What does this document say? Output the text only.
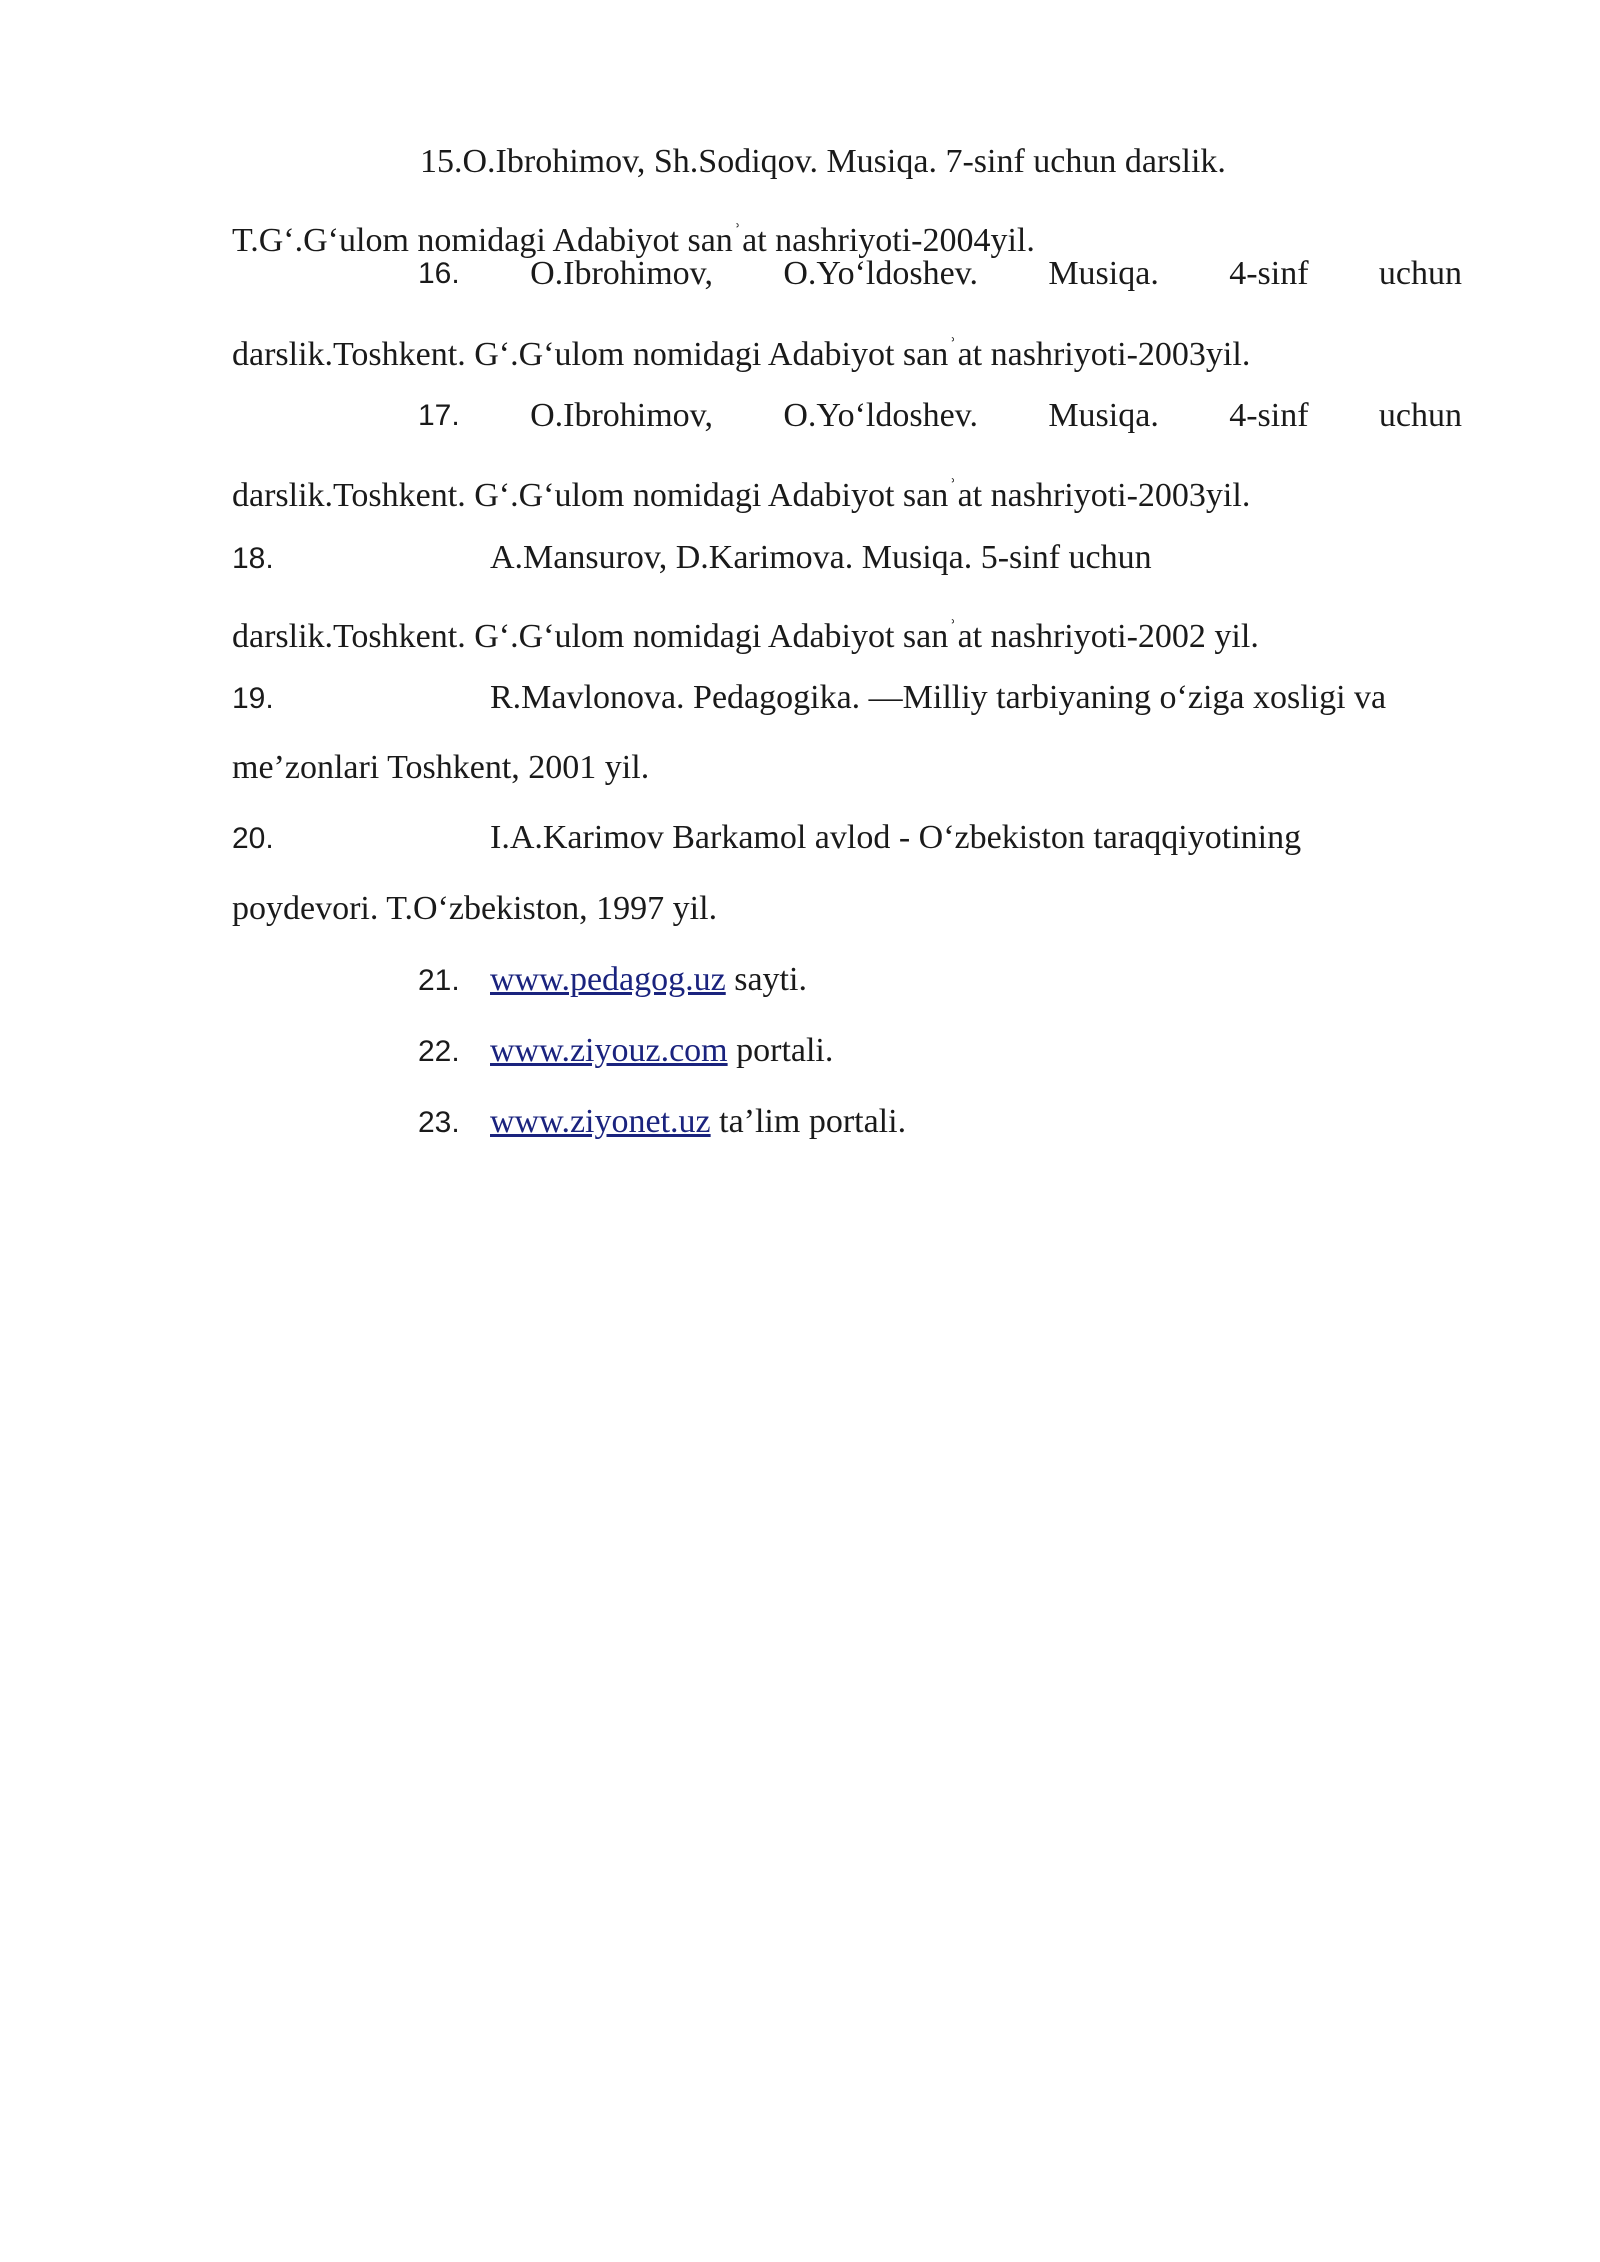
15.O.Ibrohimov, Sh.Sodiqov. Musiqa. 7-sinf uchun darslik.
T.G‘.G‘ulom nomidagi Adabiyot san$^ʾ$at nashriyoti-2004yil.
16. O.Ibrohimov, O.Yo‘ldoshev. Musiqa. 4-sinf uchun
darslik.Toshkent. G‘.G‘ulom nomidagi Adabiyot san$^ʾ$at nashriyoti-2003yil.
17. O.Ibrohimov, O.Yo‘ldoshev. Musiqa. 4-sinf uchun
darslik.Toshkent. G‘.G‘ulom nomidagi Adabiyot san$^ʾ$at nashriyoti-2003yil.
18.	A.Mansurov, D.Karimova. Musiqa. 5-sinf uchun
darslik.Toshkent. G‘.G‘ulom nomidagi Adabiyot san$^ʾ$at nashriyoti-2002 yil.
19.	R.Mavlonova. Pedagogika. —Milliy tarbiyaning o‘ziga xosligi va
me’zonlari Toshkent, 2001 yil.
20.	I.A.Karimov Barkamol avlod - O‘zbekiston taraqqiyotining
poydevori. T.O‘zbekiston, 1997 yil.
21. www.pedagog.uz sayti.
22. www.ziyouz.com portali.
23. www.ziyonet.uz ta’lim portali.
